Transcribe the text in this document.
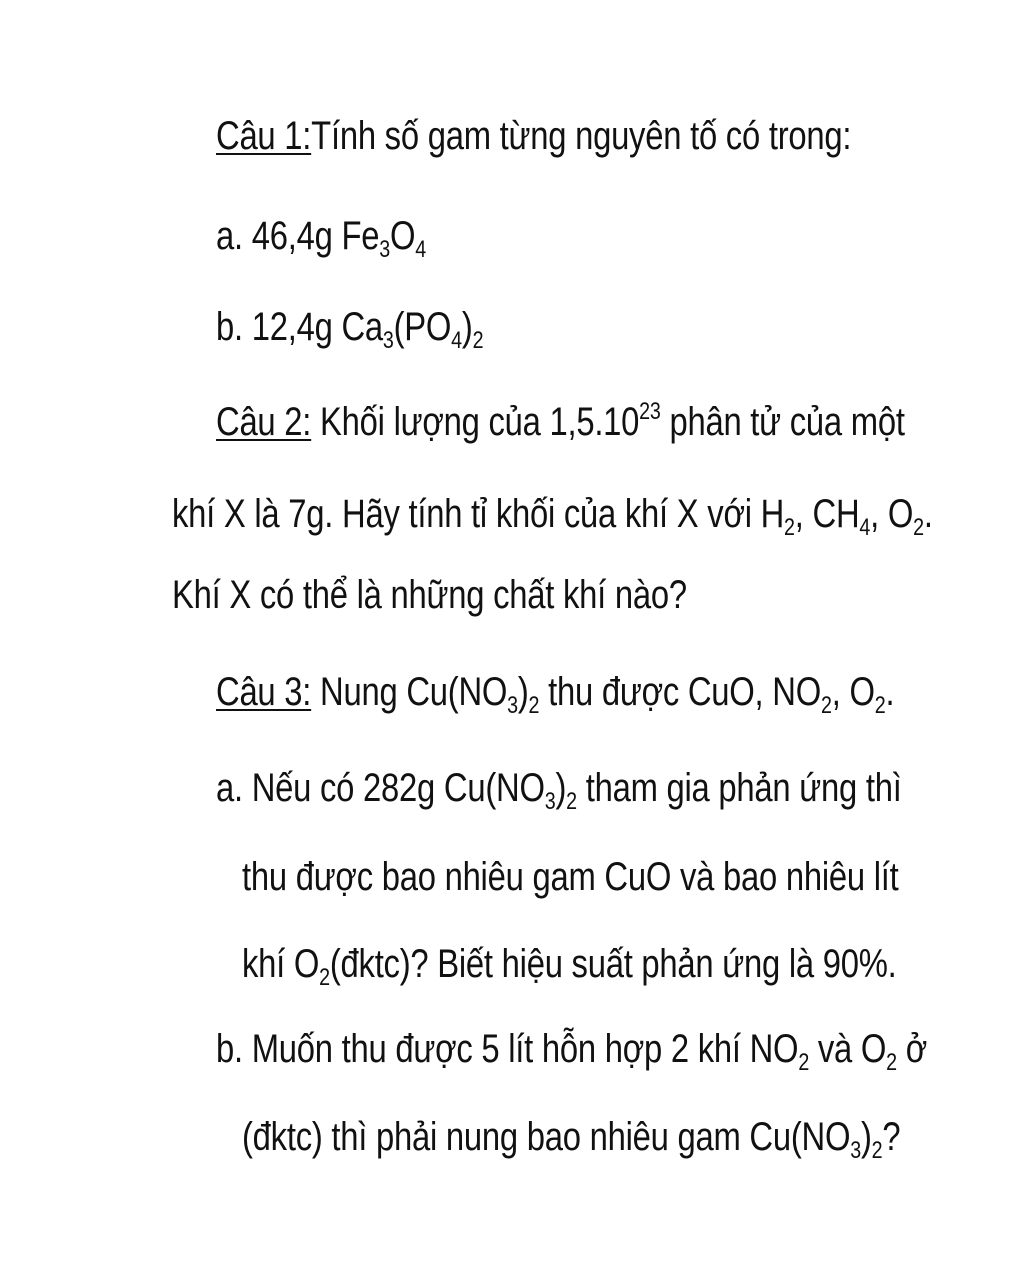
Câu 1:Tính số gam từng nguyên tố có trong:
a. 46,4g $Fe_3O_4$
b. 12,4g $Ca_3(PO_4)_2$
Câu 2: Khối lượng của 1,5.10$^{23}$ phân tử của một
khí X là 7g. Hãy tính tỉ khối của khí X với $H_2$, $CH_4$, $O_2$.
Khí X có thể là những chất khí nào?
Câu 3: Nung $Cu(NO_3)_2$ thu được CuO, $NO_2$, $O_2$.
a. Nếu có 282g $Cu(NO_3)_2$ tham gia phản ứng thì
thu được bao nhiêu gam CuO và bao nhiêu lít
khí $O_2(đktc)$? Biết hiệu suất phản ứng là 90%.
b. Muốn thu được 5 lít hỗn hợp 2 khí $NO_2$ và $O_2$ ở
(đktc) thì phải nung bao nhiêu gam $Cu(NO_3)_2$?
